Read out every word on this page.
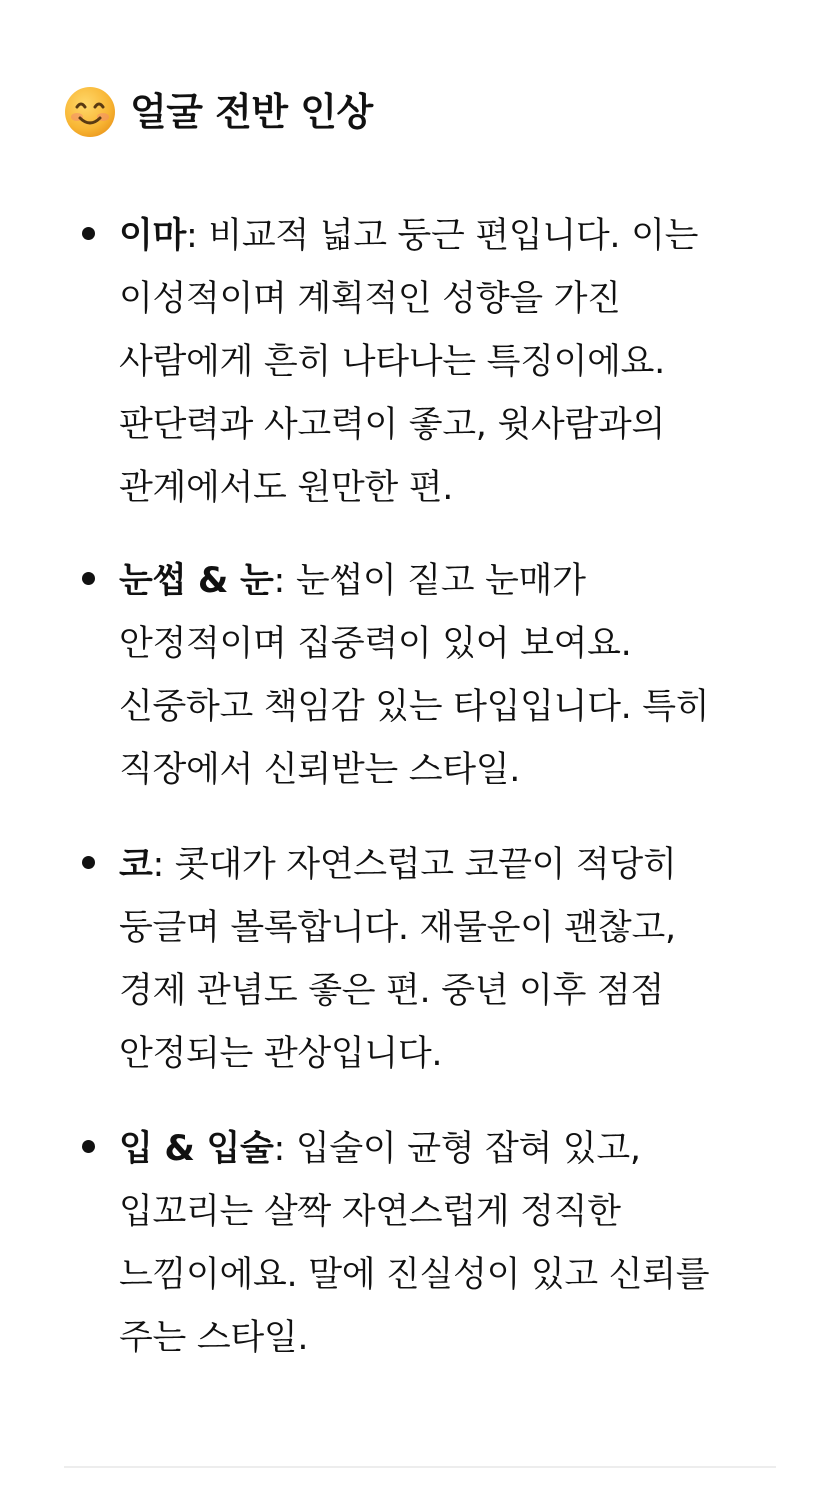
얼굴 전반 인상
이마: 비교적 넓고 둥근 편입니다. 이는
이성적이며 계획적인 성향을 가진
사람에게 흔히 나타나는 특징이에요.
판단력과 사고력이 좋고, 윗사람과의
관계에서도 원만한 편.
눈썹 & 눈: 눈썹이 짙고 눈매가
안정적이며 집중력이 있어 보여요.
신중하고 책임감 있는 타입입니다. 특히
직장에서 신뢰받는 스타일.
코: 콧대가 자연스럽고 코끝이 적당히
둥글며 볼록합니다. 재물운이 괜찮고,
경제 관념도 좋은 편. 중년 이후 점점
안정되는 관상입니다.
입 & 입술: 입술이 균형 잡혀 있고,
입꼬리는 살짝 자연스럽게 정직한
느낌이에요. 말에 진실성이 있고 신뢰를
주는 스타일.
